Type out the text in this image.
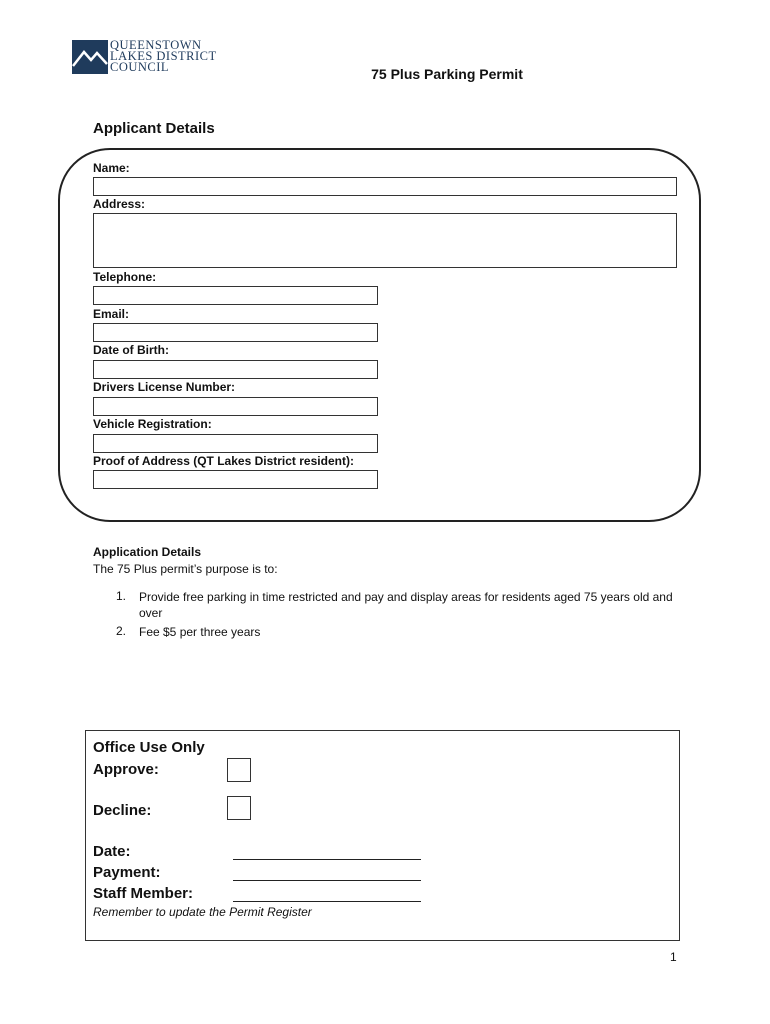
QUEENSTOWN
LAKES DISTRICT
COUNCIL	75 Plus Parking Permit
Applicant Details
Name:
Address:
Telephone:
Email:
Date of Birth:
Drivers License Number:
Vehicle Registration:
Proof of Address (QT Lakes District resident):
Application Details
The 75 Plus permit’s purpose is to:
1. Provide free parking in time restricted and pay and display areas for residents aged 75 years old and over
2. Fee $5 per three years
Office Use Only
Approve:
Decline:
Date:
Payment:
Staff Member:
Remember to update the Permit Register
1
